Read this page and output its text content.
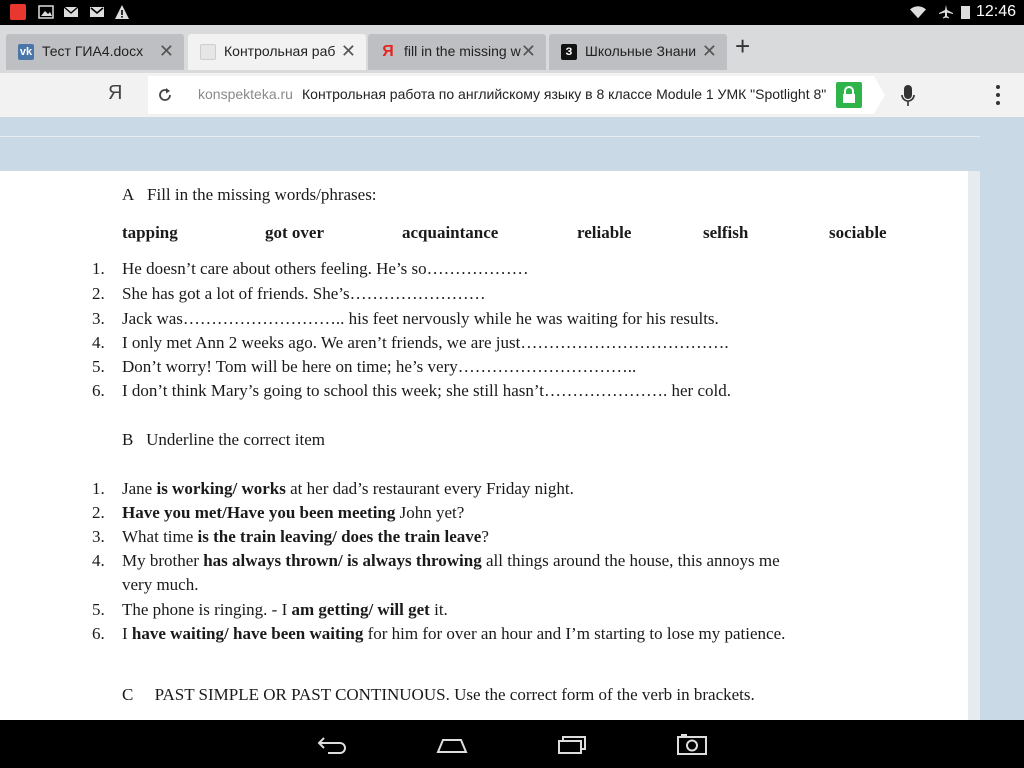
12:46
vk Тест ГИА4.docx ✕	Контрольная раб ✕ Я fill in the missing w ✕	З Школьные Знани ✕ +
Я	konspekteka.ru Контрольная работа по английскому языку в 8 классе Module 1 УМК "Spotlight 8"
A Fill in the missing words/phrases:
tapping	got over	acquaintance	reliable	selfish	sociable
1. He doesn’t care about others feeling. He’s so………………
2. She has got a lot of friends. She’s……………………
3. Jack was……………………….. his feet nervously while he was waiting for his results.
4. I only met Ann 2 weeks ago. We aren’t friends, we are just……………………………….
5. Don’t worry! Tom will be here on time; he’s very…………………………..
6. I don’t think Mary’s going to school this week; she still hasn’t…………………. her cold.
B Underline the correct item
1. Jane is working/ works at her dad’s restaurant every Friday night.
2. Have you met/Have you been meeting John yet?
3. What time is the train leaving/ does the train leave?
4. My brother has always thrown/ is always throwing all things around the house, this annoys me
very much.
5. The phone is ringing. - I am getting/ will get it.
6. I have waiting/ have been waiting for him for over an hour and I’m starting to lose my patience.
C PAST SIMPLE OR PAST CONTINUOUS. Use the correct form of the verb in brackets.
